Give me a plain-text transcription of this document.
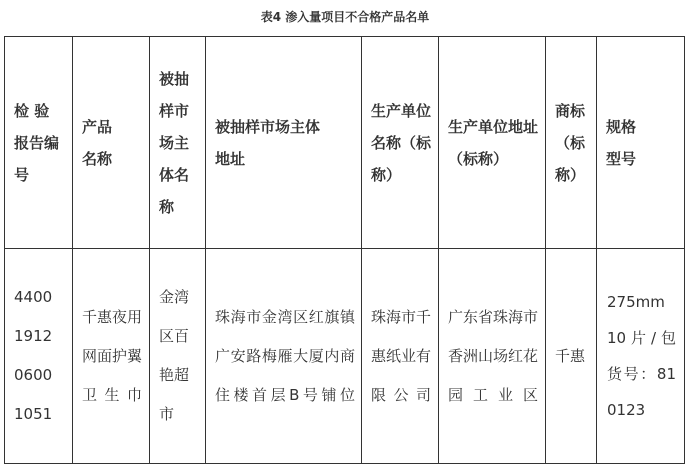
表4 渗入量项目不合格产品名单
检 验报告编号	产品名称	被抽样市场主体名称	被抽样市场主体地址	生产单位名称（标称）	生产单位地址（标称）	商标（标称）	规格型号

4400191206001051	千惠夜用网面护翼卫生巾	金湾区百艳超市	珠海市金湾区红旗镇广安路梅雁大厦内商住楼首层B号铺位	珠海市千惠纸业有限公司	广东省珠海市香洲山场红花园工业区	千惠	275mm 10片/包 货号：810123
